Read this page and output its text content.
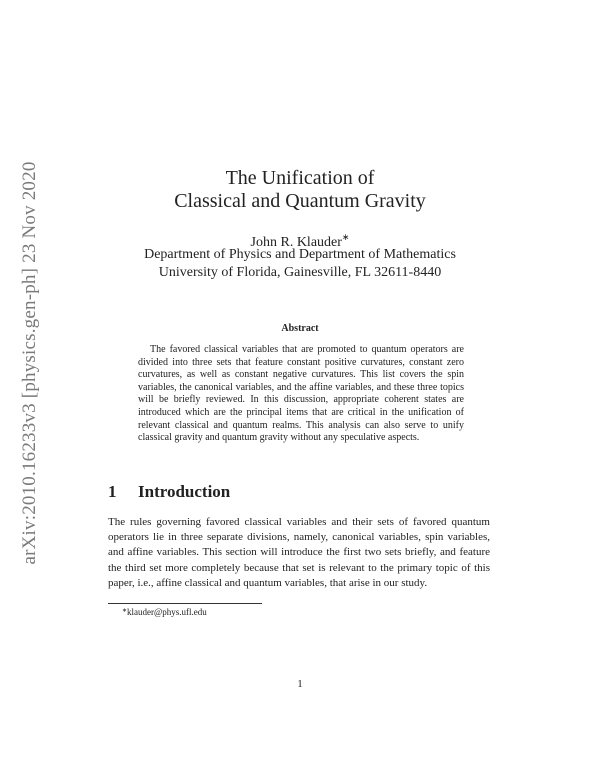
arXiv:2010.16233v3 [physics.gen-ph] 23 Nov 2020	The Unification of
Classical and Quantum Gravity
John R. Klauder∗
Department of Physics and Department of Mathematics
University of Florida, Gainesville, FL 32611-8440
Abstract

The favored classical variables that are promoted to quantum operators are divided into three sets that feature constant positive curvatures, constant zero curvatures, as well as constant negative curvatures. This list covers the spin variables, the canonical variables, and the affine variables, and these three topics will be briefly reviewed. In this discussion, appropriate coherent states are introduced which are the principal items that are critical in the unification of relevant classical and quantum realms. This analysis can also serve to unify classical gravity and quantum gravity without any speculative aspects.

1 Introduction

The rules governing favored classical variables and their sets of favored quantum operators lie in three separate divisions, namely, canonical variables, spin variables, and affine variables. This section will introduce the first two sets briefly, and feature the third set more completely because that set is relevant to the primary topic of this paper, i.e., affine classical and quantum variables, that arise in our study.

∗klauder@phys.ufl.edu
1
